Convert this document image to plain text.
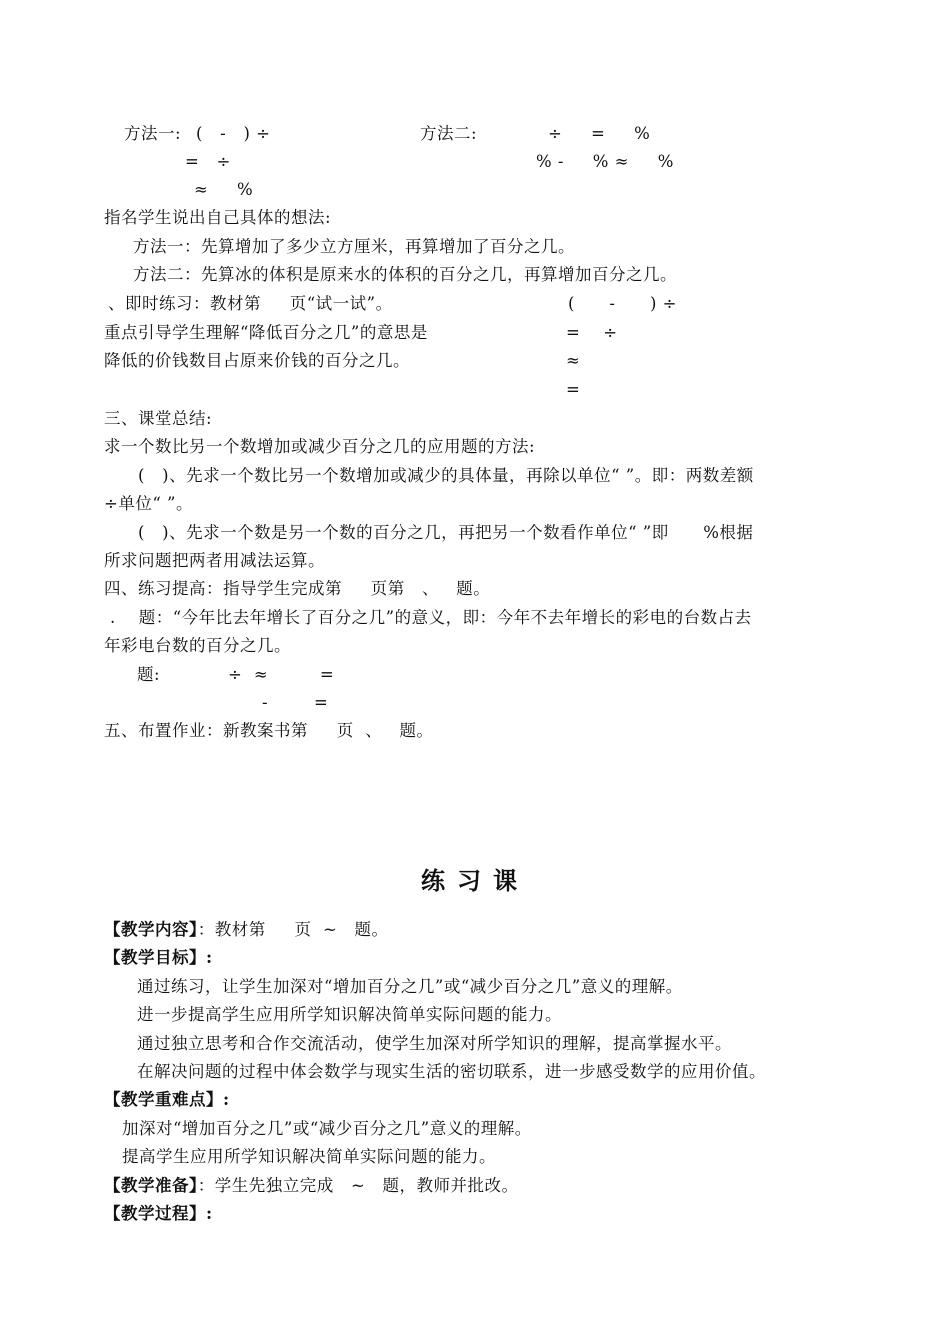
方法一: (   -   ) ÷	方法二:	÷     =     %
=   ÷	% -     % ≈     %
≈     %
指名学生说出自己具体的想法:
方法一：先算增加了多少立方厘米，再算增加了百分之几。
方法二：先算冰的体积是原来水的体积的百分之几，再算增加百分之几。
、即时练习：教材第     页“试一试”。	(      -      ) ÷
重点引导学生理解“降低百分之几”的意思是	=    ÷
降低的价钱数目占原来价钱的百分之几。	≈
=
三、课堂总结:
求一个数比另一个数增加或减少百分之几的应用题的方法:
(   )、先求一个数比另一个数增加或减少的具体量，再除以单位“ ”。即：两数差额
÷单位“ ”。
(   )、先求一个数是另一个数的百分之几，再把另一个数看作单位“ ”即      %根据
所求问题把两者用减法运算。
四、练习提高：指导学生完成第     页第   、   题。
.    题：“今年比去年增长了百分之几”的意义，即：今年不去年增长的彩电的台数占去
年彩电台数的百分之几。
题:	÷  ≈         =
-        =
五、布置作业：新教案书第     页  、   题。
练习课
【教学内容】：教材第     页  ~   题。
【教学目标】:
通过练习，让学生加深对“增加百分之几”或“减少百分之几”意义的理解。
进一步提高学生应用所学知识解决简单实际问题的能力。
通过独立思考和合作交流活动，使学生加深对所学知识的理解，提高掌握水平。
在解决问题的过程中体会数学与现实生活的密切联系，进一步感受数学的应用价值。
【教学重难点】:
加深对“增加百分之几”或“减少百分之几”意义的理解。
提高学生应用所学知识解决简单实际问题的能力。
【教学准备】：学生先独立完成   ~   题，教师并批改。
【教学过程】:
